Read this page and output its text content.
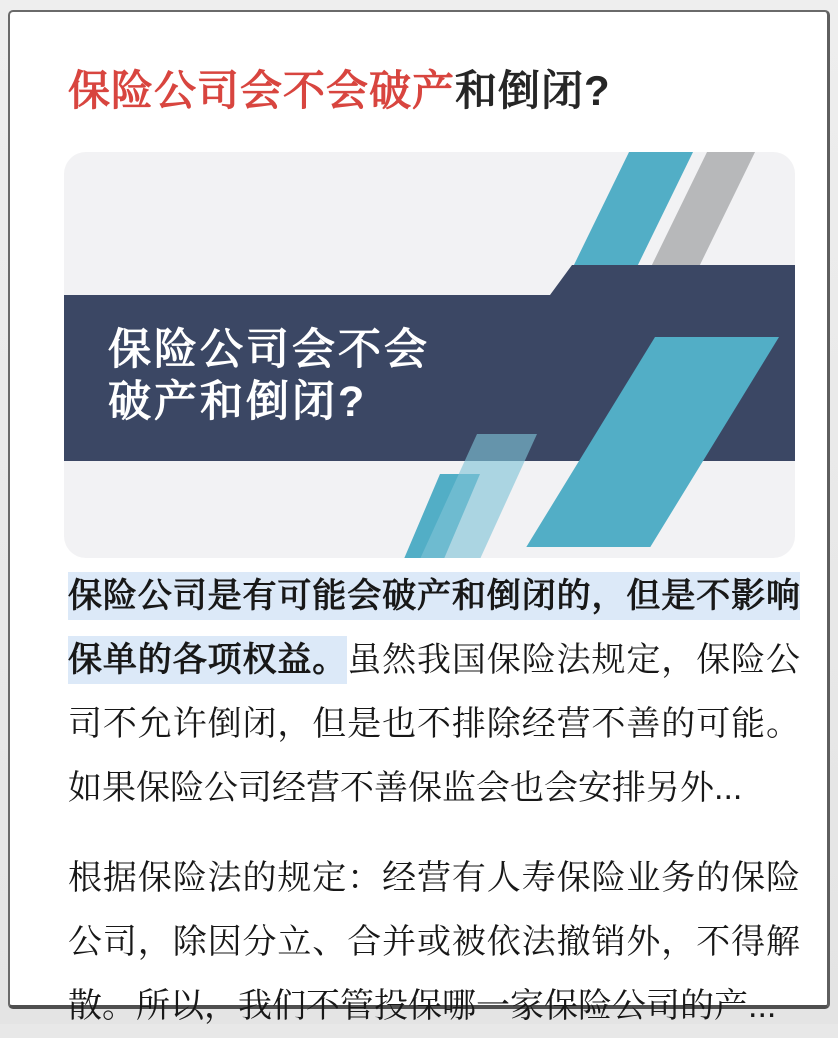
保险公司会不会破产和倒闭?
保险公司会不会
破产和倒闭?

保险公司是有可能会破产和倒闭的，但是不影响保单的各项权益。虽然我国保险法规定，保险公司不允许倒闭，但是也不排除经营不善的可能。如果保险公司经营不善保监会也会安排另外...

根据保险法的规定：经营有人寿保险业务的保险公司，除因分立、合并或被依法撤销外，不得解散。所以，我们不管投保哪一家保险公司的产...
